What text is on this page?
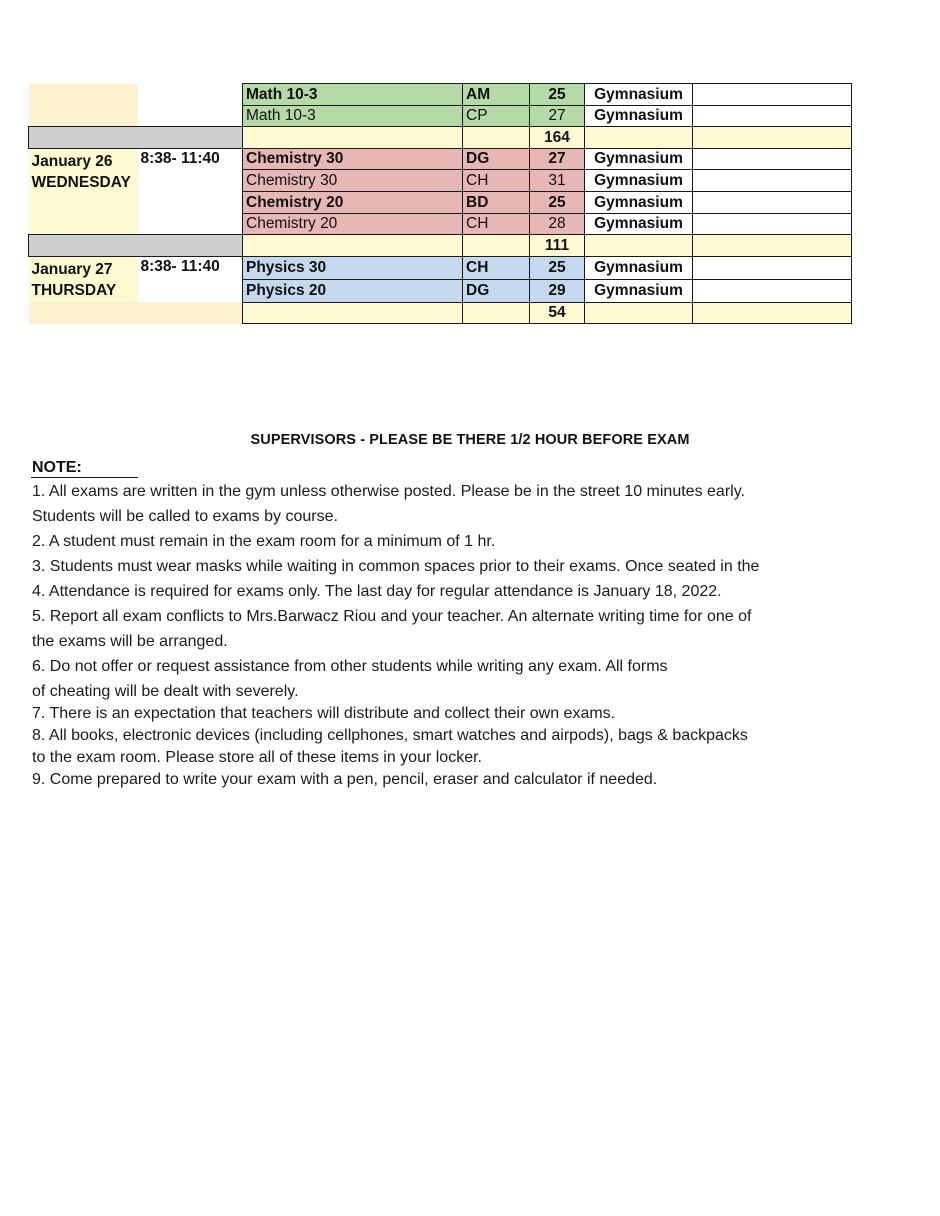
		Math 10-3	AM	25	Gymnasium	
		Math 10-3	CP	27	Gymnasium	
				164		

January 26
WEDNESDAY	8:38- 11:40	Chemistry 30	DG	27	Gymnasium	
		Chemistry 30	CH	31	Gymnasium	
		Chemistry 20	BD	25	Gymnasium	
		Chemistry 20	CH	28	Gymnasium	
				111		

January 27
THURSDAY	8:38- 11:40	Physics 30	CH	25	Gymnasium	
		Physics 20	DG	29	Gymnasium	
				54		
SUPERVISORS - PLEASE BE THERE 1/2 HOUR BEFORE EXAM
NOTE:
1. All exams are written in the gym unless otherwise posted. Please be in the street 10 minutes early.
Students will be called to exams by course.
2. A student must remain in the exam room for a minimum of 1 hr.
3. Students must wear masks while waiting in common spaces prior to their exams. Once seated in the
4. Attendance is required for exams only. The last day for regular attendance is January 18, 2022.
5. Report all exam conflicts to Mrs.Barwacz Riou and your teacher. An alternate writing time for one of
the exams will be arranged.
6. Do not offer or request assistance from other students while writing any exam. All forms
of cheating will be dealt with severely.
7. There is an expectation that teachers will distribute and collect their own exams.
8. All books, electronic devices (including cellphones, smart watches and airpods), bags & backpacks
to the exam room. Please store all of these items in your locker.
9. Come prepared to write your exam with a pen, pencil, eraser and calculator if needed.
